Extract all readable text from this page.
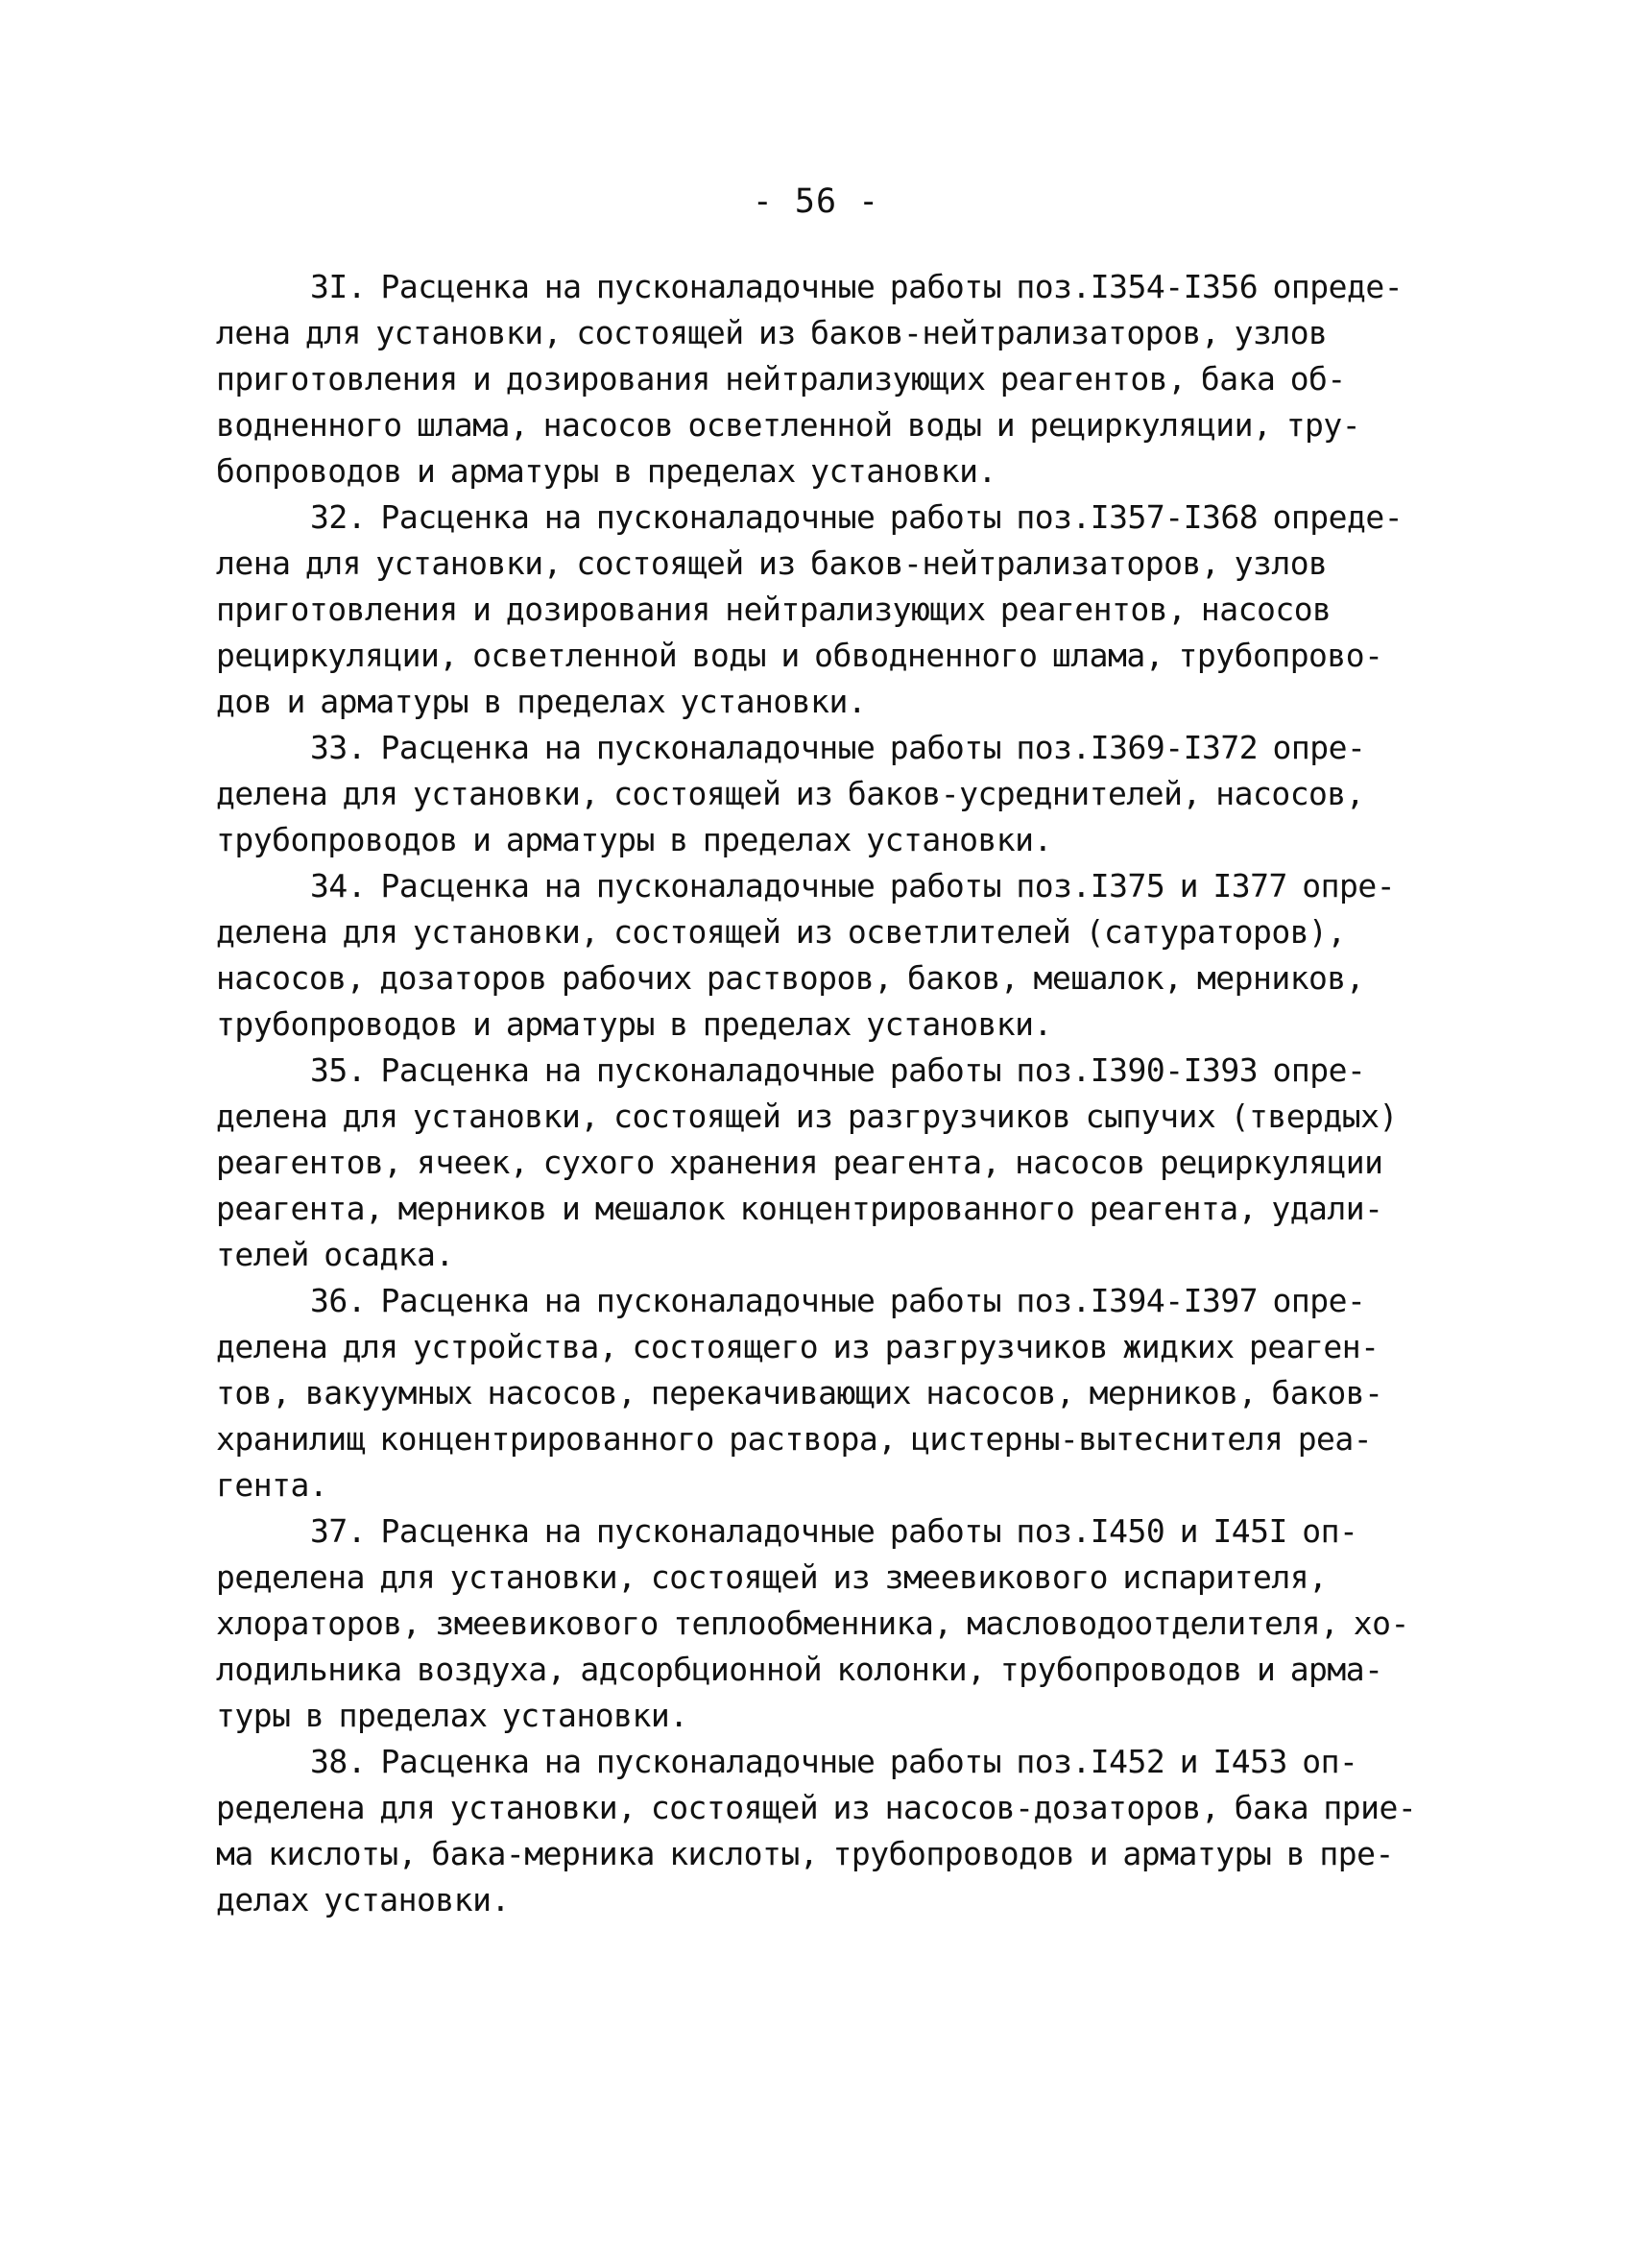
- 56 -
3I. Расценка на пусконаладочные работы поз.I354-I356 опреде-
лена для установки, состоящей из баков-нейтрализаторов, узлов
приготовления и дозирования нейтрализующих реагентов, бака об-
водненного шлама, насосов осветленной воды и рециркуляции, тру-
бопроводов и арматуры в пределах установки.
32. Расценка на пусконаладочные работы поз.I357-I368 опреде-
лена для установки, состоящей из баков-нейтрализаторов, узлов
приготовления и дозирования нейтрализующих реагентов, насосов
рециркуляции, осветленной воды и обводненного шлама, трубопрово-
дов и арматуры в пределах установки.
33. Расценка на пусконаладочные работы поз.I369-I372 опре-
делена для установки, состоящей из баков-усреднителей, насосов,
трубопроводов и арматуры в пределах установки.
34. Расценка на пусконаладочные работы поз.I375 и I377 опре-
делена для установки, состоящей из осветлителей (сатураторов),
насосов, дозаторов рабочих растворов, баков, мешалок, мерников,
трубопроводов и арматуры в пределах установки.
35. Расценка на пусконаладочные работы поз.I390-I393 опре-
делена для установки, состоящей из разгрузчиков сыпучих (твердых)
реагентов, ячеек, сухого хранения реагента, насосов рециркуляции
реагента, мерников и мешалок концентрированного реагента, удали-
телей осадка.
36. Расценка на пусконаладочные работы поз.I394-I397 опре-
делена для устройства, состоящего из разгрузчиков жидких реаген-
тов, вакуумных насосов, перекачивающих насосов, мерников, баков-
хранилищ концентрированного раствора, цистерны-вытеснителя реа-
гента.
37. Расценка на пусконаладочные работы поз.I450 и I45I оп-
ределена для установки, состоящей из змеевикового испарителя,
хлораторов, змеевикового теплообменника, масловодоотделителя, хо-
лодильника воздуха, адсорбционной колонки, трубопроводов и арма-
туры в пределах установки.
38. Расценка на пусконаладочные работы поз.I452 и I453 оп-
ределена для установки, состоящей из насосов-дозаторов, бака прие-
ма кислоты, бака-мерника кислоты, трубопроводов и арматуры в пре-
делах установки.
